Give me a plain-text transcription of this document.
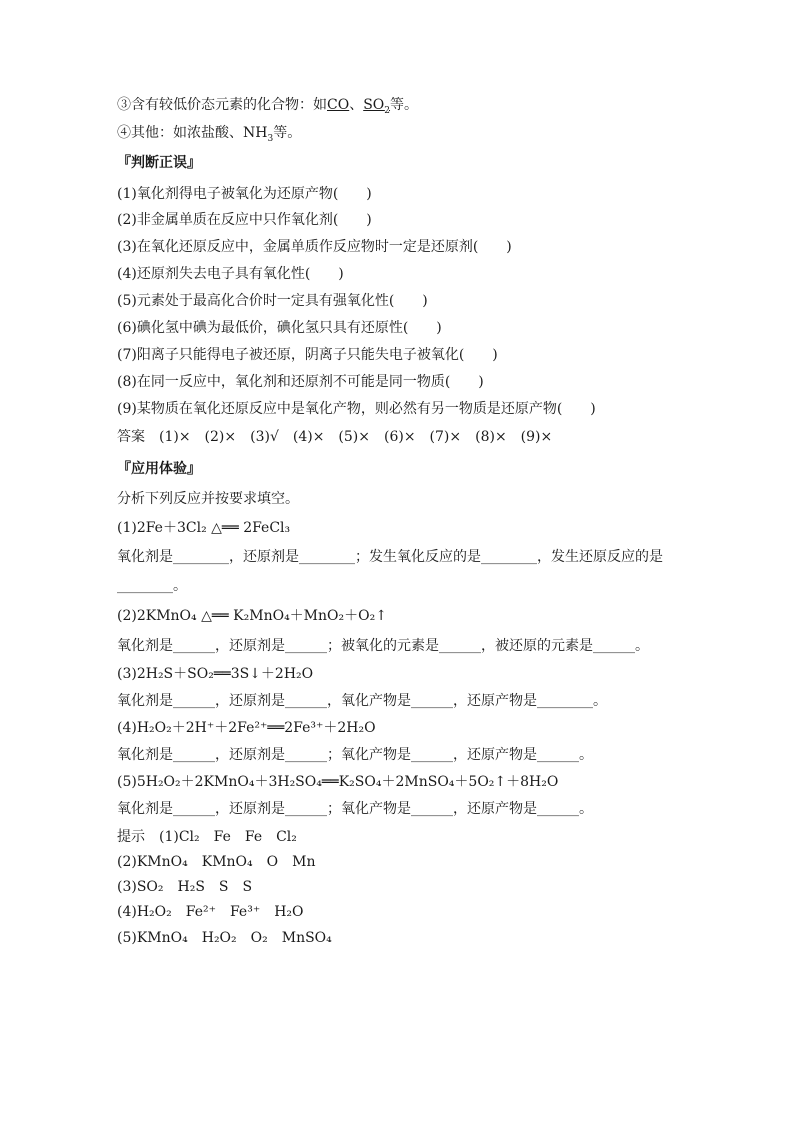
③含有较低价态元素的化合物：如CO、$SO_2$等。
④其他：如浓盐酸、$NH_3$等。
『判断正误』
(1)氧化剂得电子被氧化为还原产物(　　)
(2)非金属单质在反应中只作氧化剂(　　)
(3)在氧化还原反应中，金属单质作反应物时一定是还原剂(　　)
(4)还原剂失去电子具有氧化性(　　)
(5)元素处于最高化合价时一定具有强氧化性(　　)
(6)碘化氢中碘为最低价，碘化氢只具有还原性(　　)
(7)阳离子只能得电子被还原，阴离子只能失电子被氧化(　　)
(8)在同一反应中，氧化剂和还原剂不可能是同一物质(　　)
(9)某物质在氧化还原反应中是氧化产物，则必然有另一物质是还原产物(　　)
答案　(1)×　(2)×　(3)√　(4)×　(5)×　(6)×　(7)×　(8)×　(9)×
『应用体验』
分析下列反应并按要求填空。
(1)2Fe＋3Cl₂ △══ 2FeCl₃
氧化剂是________，还原剂是________；发生氧化反应的是________，发生还原反应的是
________。
(2)2KMnO₄ △══ K₂MnO₄＋MnO₂＋O₂↑
氧化剂是______，还原剂是______；被氧化的元素是______，被还原的元素是______。
(3)2H₂S＋SO₂══3S↓＋2H₂O
氧化剂是______，还原剂是______，氧化产物是______，还原产物是________。
(4)H₂O₂＋2H⁺＋2Fe²⁺══2Fe³⁺＋2H₂O
氧化剂是______，还原剂是______；氧化产物是______，还原产物是______。
(5)5H₂O₂＋2KMnO₄＋3H₂SO₄══K₂SO₄＋2MnSO₄＋5O₂↑＋8H₂O
氧化剂是______，还原剂是______；氧化产物是______，还原产物是______。
提示　(1)Cl₂　Fe　Fe　Cl₂
(2)KMnO₄　KMnO₄　O　Mn
(3)SO₂　H₂S　S　S
(4)H₂O₂　Fe²⁺　Fe³⁺　H₂O
(5)KMnO₄　H₂O₂　O₂　MnSO₄
